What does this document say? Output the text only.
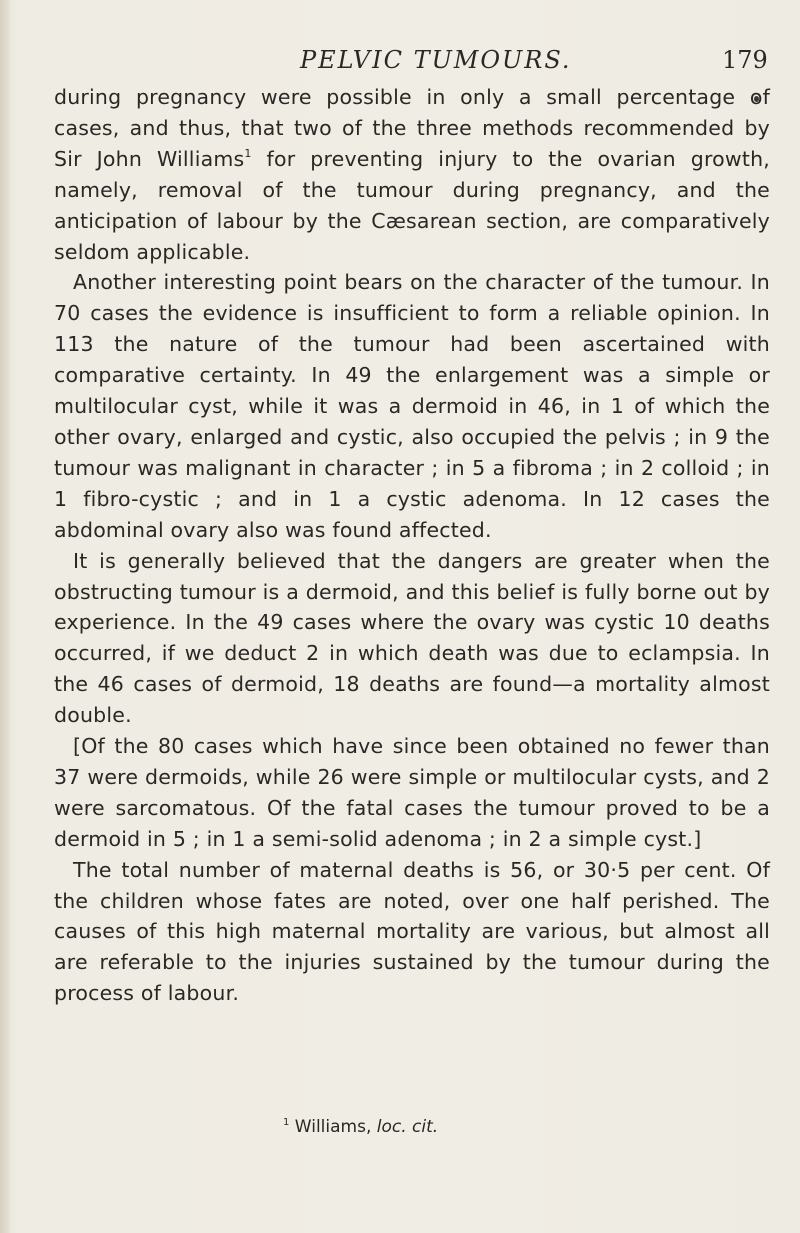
PELVIC TUMOURS.	179

during pregnancy were possible in only a small percentage of cases, and thus, that two of the three methods recommended by Sir John Williams$^1$ for preventing injury to the ovarian growth, namely, removal of the tumour during pregnancy, and the anticipation of labour by the Cæsarean section, are comparatively seldom applicable.

Another interesting point bears on the character of the tumour. In 70 cases the evidence is insufficient to form a reliable opinion. In 113 the nature of the tumour had been ascertained with comparative certainty. In 49 the enlargement was a simple or multilocular cyst, while it was a dermoid in 46, in 1 of which the other ovary, enlarged and cystic, also occupied the pelvis ; in 9 the tumour was malignant in character ; in 5 a fibroma ; in 2 colloid ; in 1 fibro-cystic ; and in 1 a cystic adenoma. In 12 cases the abdominal ovary also was found affected.

It is generally believed that the dangers are greater when the obstructing tumour is a dermoid, and this belief is fully borne out by experience. In the 49 cases where the ovary was cystic 10 deaths occurred, if we deduct 2 in which death was due to eclampsia. In the 46 cases of dermoid, 18 deaths are found—a mortality almost double.

[Of the 80 cases which have since been obtained no fewer than 37 were dermoids, while 26 were simple or multilocular cysts, and 2 were sarcomatous. Of the fatal cases the tumour proved to be a dermoid in 5 ; in 1 a semi-solid adenoma ; in 2 a simple cyst.]

The total number of maternal deaths is 56, or 30·5 per cent. Of the children whose fates are noted, over one half perished. The causes of this high maternal mortality are various, but almost all are referable to the injuries sustained by the tumour during the process of labour.

$^1$ Williams, loc. cit.
